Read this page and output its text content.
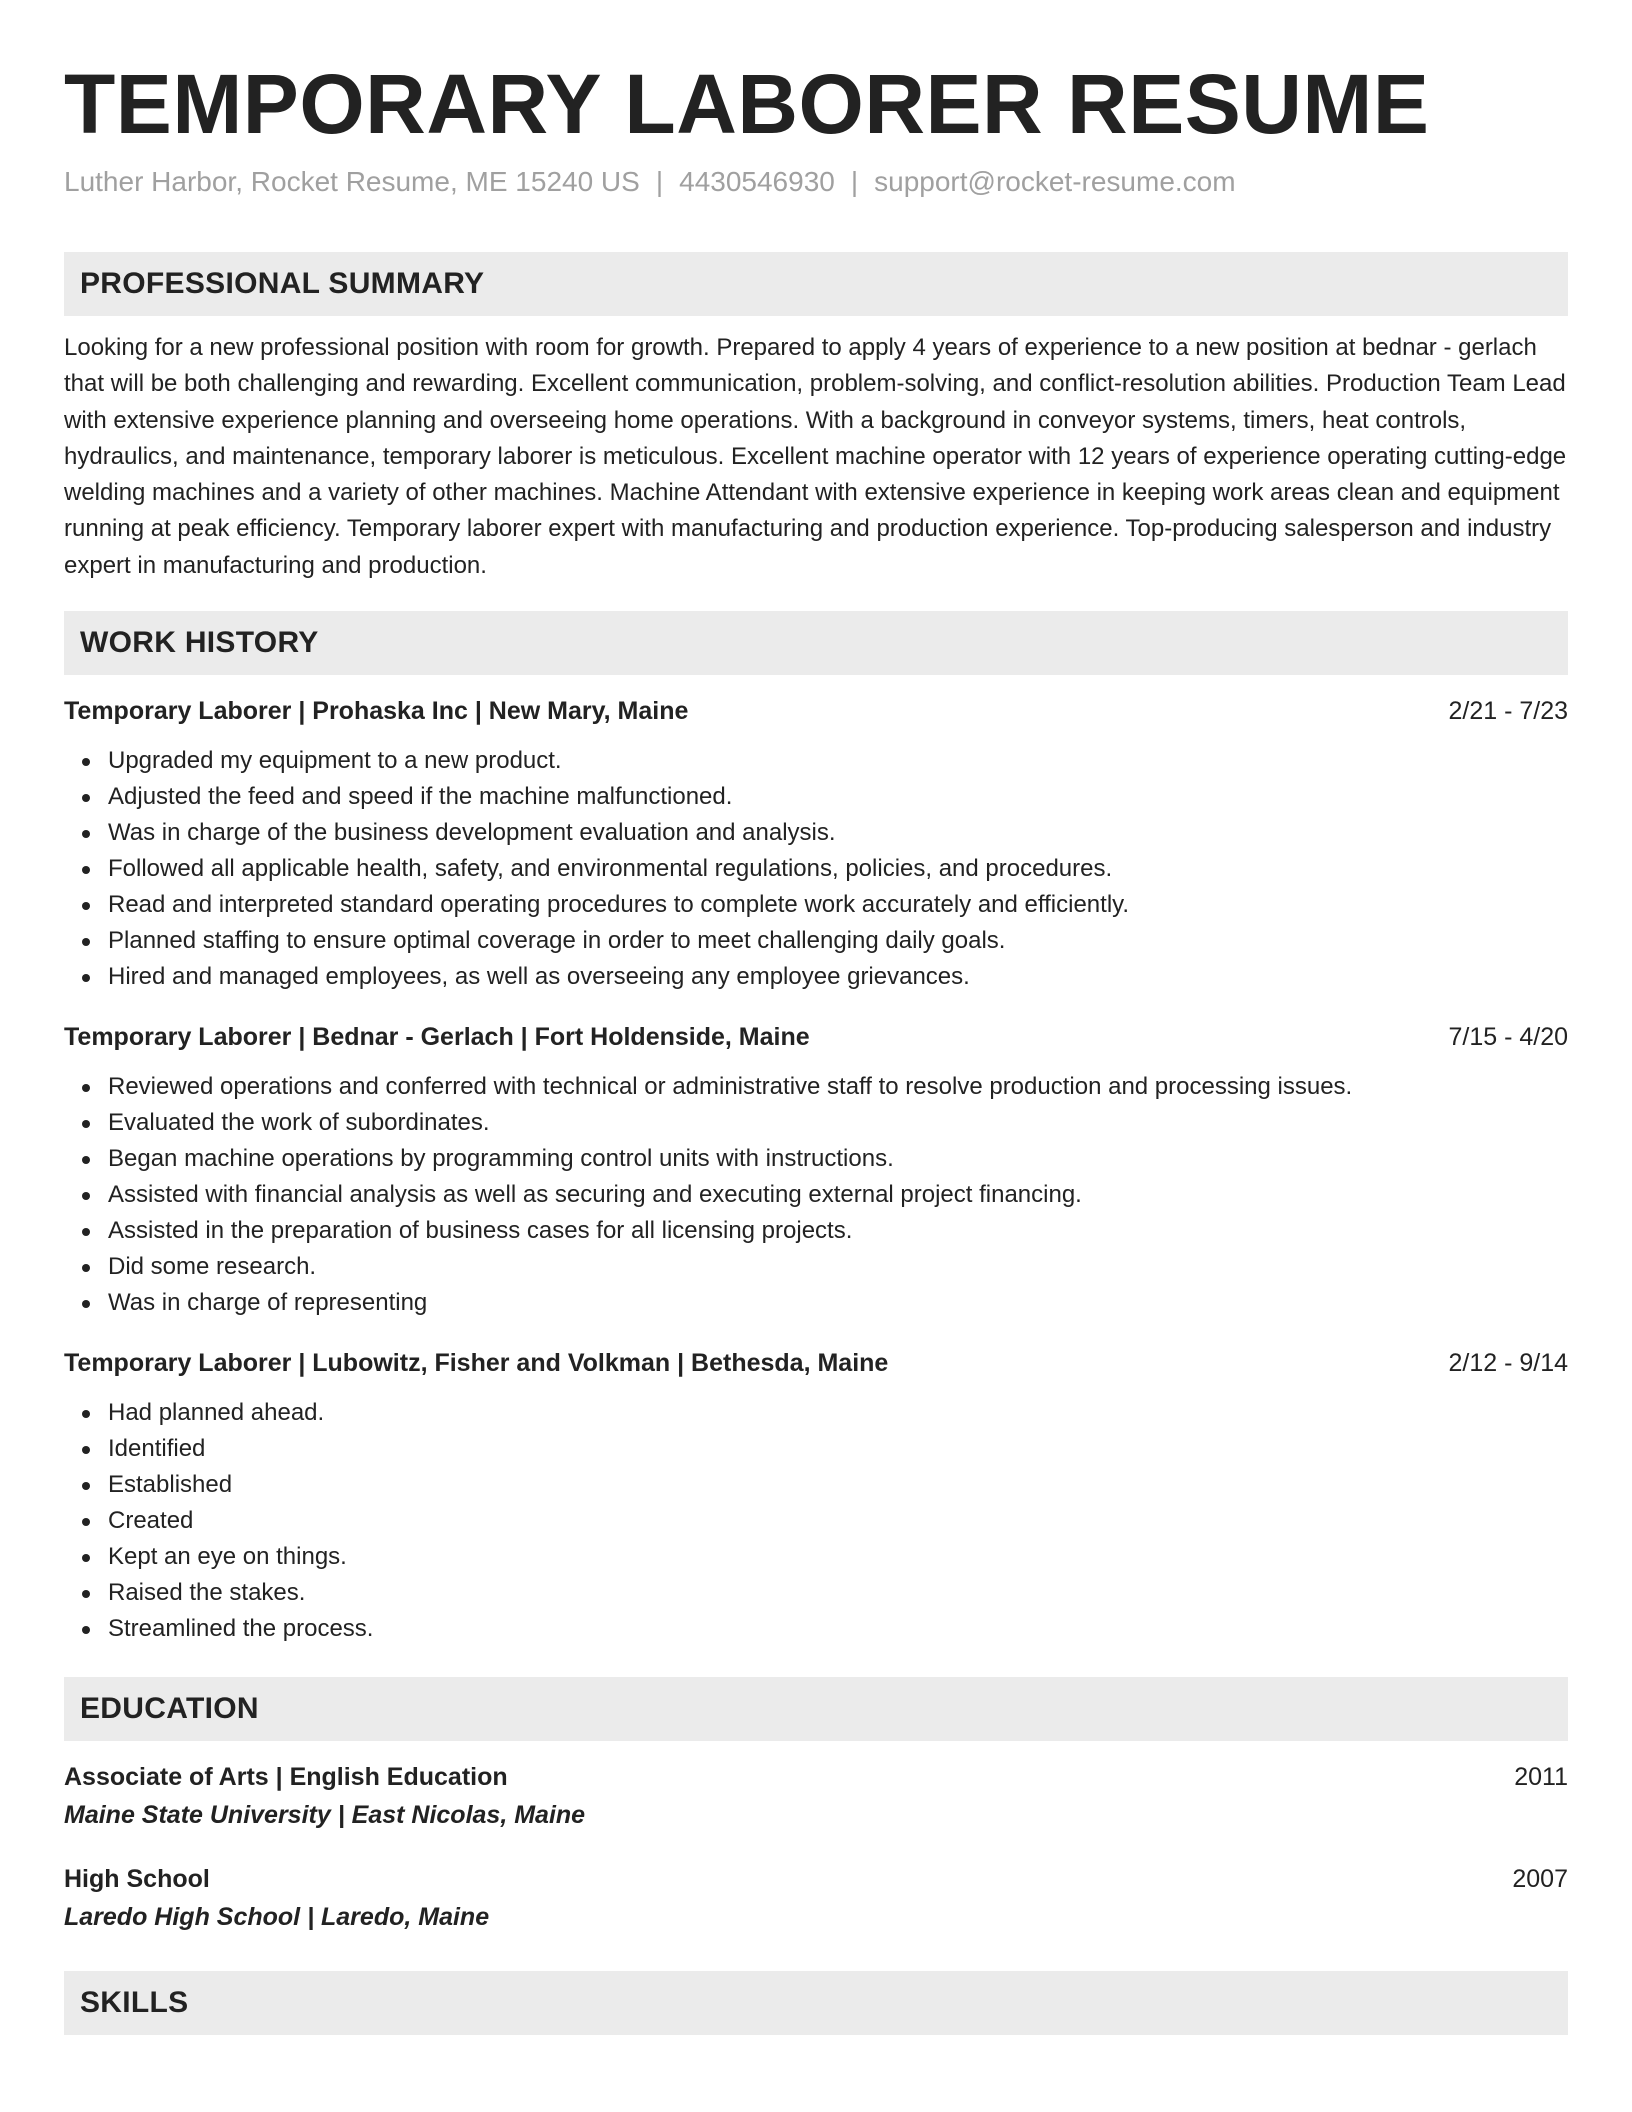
TEMPORARY LABORER RESUME
Luther Harbor, Rocket Resume, ME 15240 US | 4430546930 | support@rocket-resume.com
PROFESSIONAL SUMMARY
Looking for a new professional position with room for growth. Prepared to apply 4 years of experience to a new position at bednar - gerlach that will be both challenging and rewarding. Excellent communication, problem-solving, and conflict-resolution abilities. Production Team Lead with extensive experience planning and overseeing home operations. With a background in conveyor systems, timers, heat controls, hydraulics, and maintenance, temporary laborer is meticulous. Excellent machine operator with 12 years of experience operating cutting-edge welding machines and a variety of other machines. Machine Attendant with extensive experience in keeping work areas clean and equipment running at peak efficiency. Temporary laborer expert with manufacturing and production experience. Top-producing salesperson and industry expert in manufacturing and production.
WORK HISTORY
Temporary Laborer | Prohaska Inc | New Mary, Maine	2/21 - 7/23
Upgraded my equipment to a new product.
Adjusted the feed and speed if the machine malfunctioned.
Was in charge of the business development evaluation and analysis.
Followed all applicable health, safety, and environmental regulations, policies, and procedures.
Read and interpreted standard operating procedures to complete work accurately and efficiently.
Planned staffing to ensure optimal coverage in order to meet challenging daily goals.
Hired and managed employees, as well as overseeing any employee grievances.
Temporary Laborer | Bednar - Gerlach | Fort Holdenside, Maine	7/15 - 4/20
Reviewed operations and conferred with technical or administrative staff to resolve production and processing issues.
Evaluated the work of subordinates.
Began machine operations by programming control units with instructions.
Assisted with financial analysis as well as securing and executing external project financing.
Assisted in the preparation of business cases for all licensing projects.
Did some research.
Was in charge of representing
Temporary Laborer | Lubowitz, Fisher and Volkman | Bethesda, Maine	2/12 - 9/14
Had planned ahead.
Identified
Established
Created
Kept an eye on things.
Raised the stakes.
Streamlined the process.
EDUCATION
Associate of Arts | English Education	2011
Maine State University | East Nicolas, Maine
High School	2007
Laredo High School | Laredo, Maine
SKILLS
